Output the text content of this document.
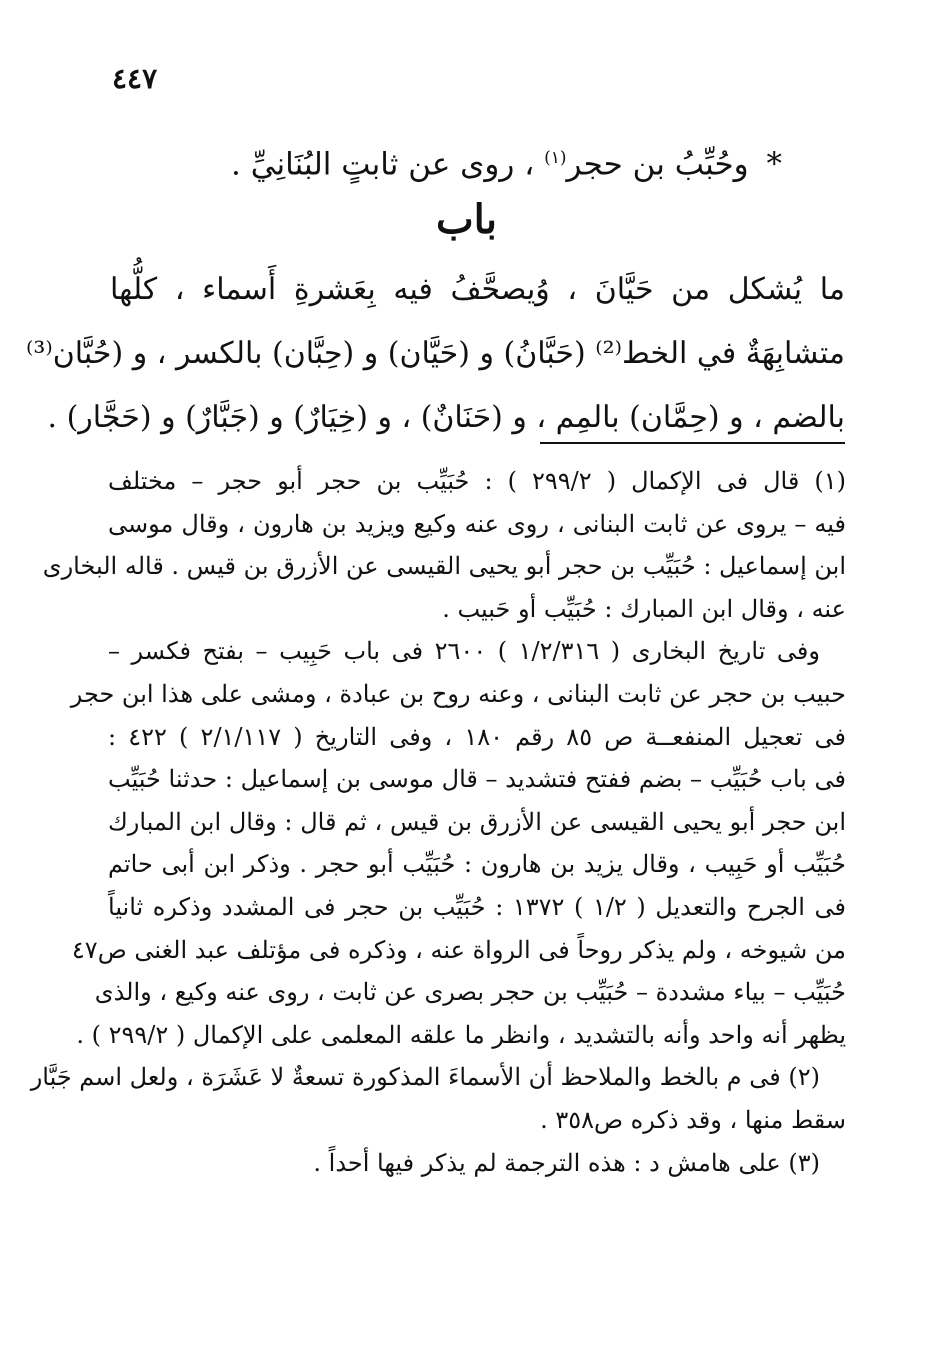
٤٤٧
* وحُبِّبُ بن حجر$^{(١)}$ ، روى عن ثابتٍ البُنَانِيِّ .
باب
ما يُشكل من حَيَّانَ ، وُيصحَّفُ فيه بِعَشرةِ أَسماء ، كلُّها
متشابِهَةٌ في الخط⁽²⁾ (حَبَّانُ) و (حَيَّان) و (حِبَّان) بالكسر ، و (حُبَّان⁽³⁾
بالضم ، و (حِمَّان) بالمِم ، و (حَنَانٌ) ، و (خِيَارٌ) و (جَبَّارٌ) و (حَجَّار) .
(١) قال فى الإكمال ( ٢٩٩/٢ ) : حُبَيِّب بن حجر أبو حجر – مختلف
فيه – يروى عن ثابت البنانى ، روى عنه وكيع ويزيد بن هارون ، وقال موسى
ابن إسماعيل : حُبَيِّب بن حجر أبو يحيى القيسى عن الأزرق بن قيس . قاله البخارى
عنه ، وقال ابن المبارك : حُبَيِّب أو حَبيب .
وفى تاريخ البخارى ( ١/٢/٣١٦ ) ٢٦٠٠ فى باب حَبِيب – بفتح فكسر –
حبيب بن حجر عن ثابت البنانى ، وعنه روح بن عبادة ، ومشى على هذا ابن حجر
فى تعجيل المنفعــة ص ٨٥ رقم ١٨٠ ، وفى التاريخ ( ٢/١/١١٧ ) ٤٢٢ :
فى باب حُبَيِّب – بضم ففتح فتشديد – قال موسى بن إسماعيل : حدثنا حُبَيِّب
ابن حجر أبو يحيى القيسى عن الأزرق بن قيس ، ثم قال : وقال ابن المبارك
حُبَيِّب أو حَبِيب ، وقال يزيد بن هارون : حُبَيِّب أبو حجر . وذكر ابن أبى حاتم
فى الجرح والتعديل ( ١/٢ ) ١٣٧٢ : حُبَيِّب بن حجر فى المشدد وذكره ثانياً
من شيوخه ، ولم يذكر روحاً فى الرواة عنه ، وذكره فى مؤتلف عبد الغنى ص٤٧
حُبَيِّب – بياء مشددة – حُبَيِّب بن حجر بصرى عن ثابت ، روى عنه وكيع ، والذى
يظهر أنه واحد وأنه بالتشديد ، وانظر ما علقه المعلمى على الإكمال ( ٢٩٩/٢ ) .
(٢) فى م بالخط والملاحظ أن الأسماءَ المذكورة تسعةٌ لا عَشَرَة ، ولعل اسم جَبَّار
سقط منها ، وقد ذكره ص٣٥٨ .
(٣) على هامش د : هذه الترجمة لم يذكر فيها أحداً .
